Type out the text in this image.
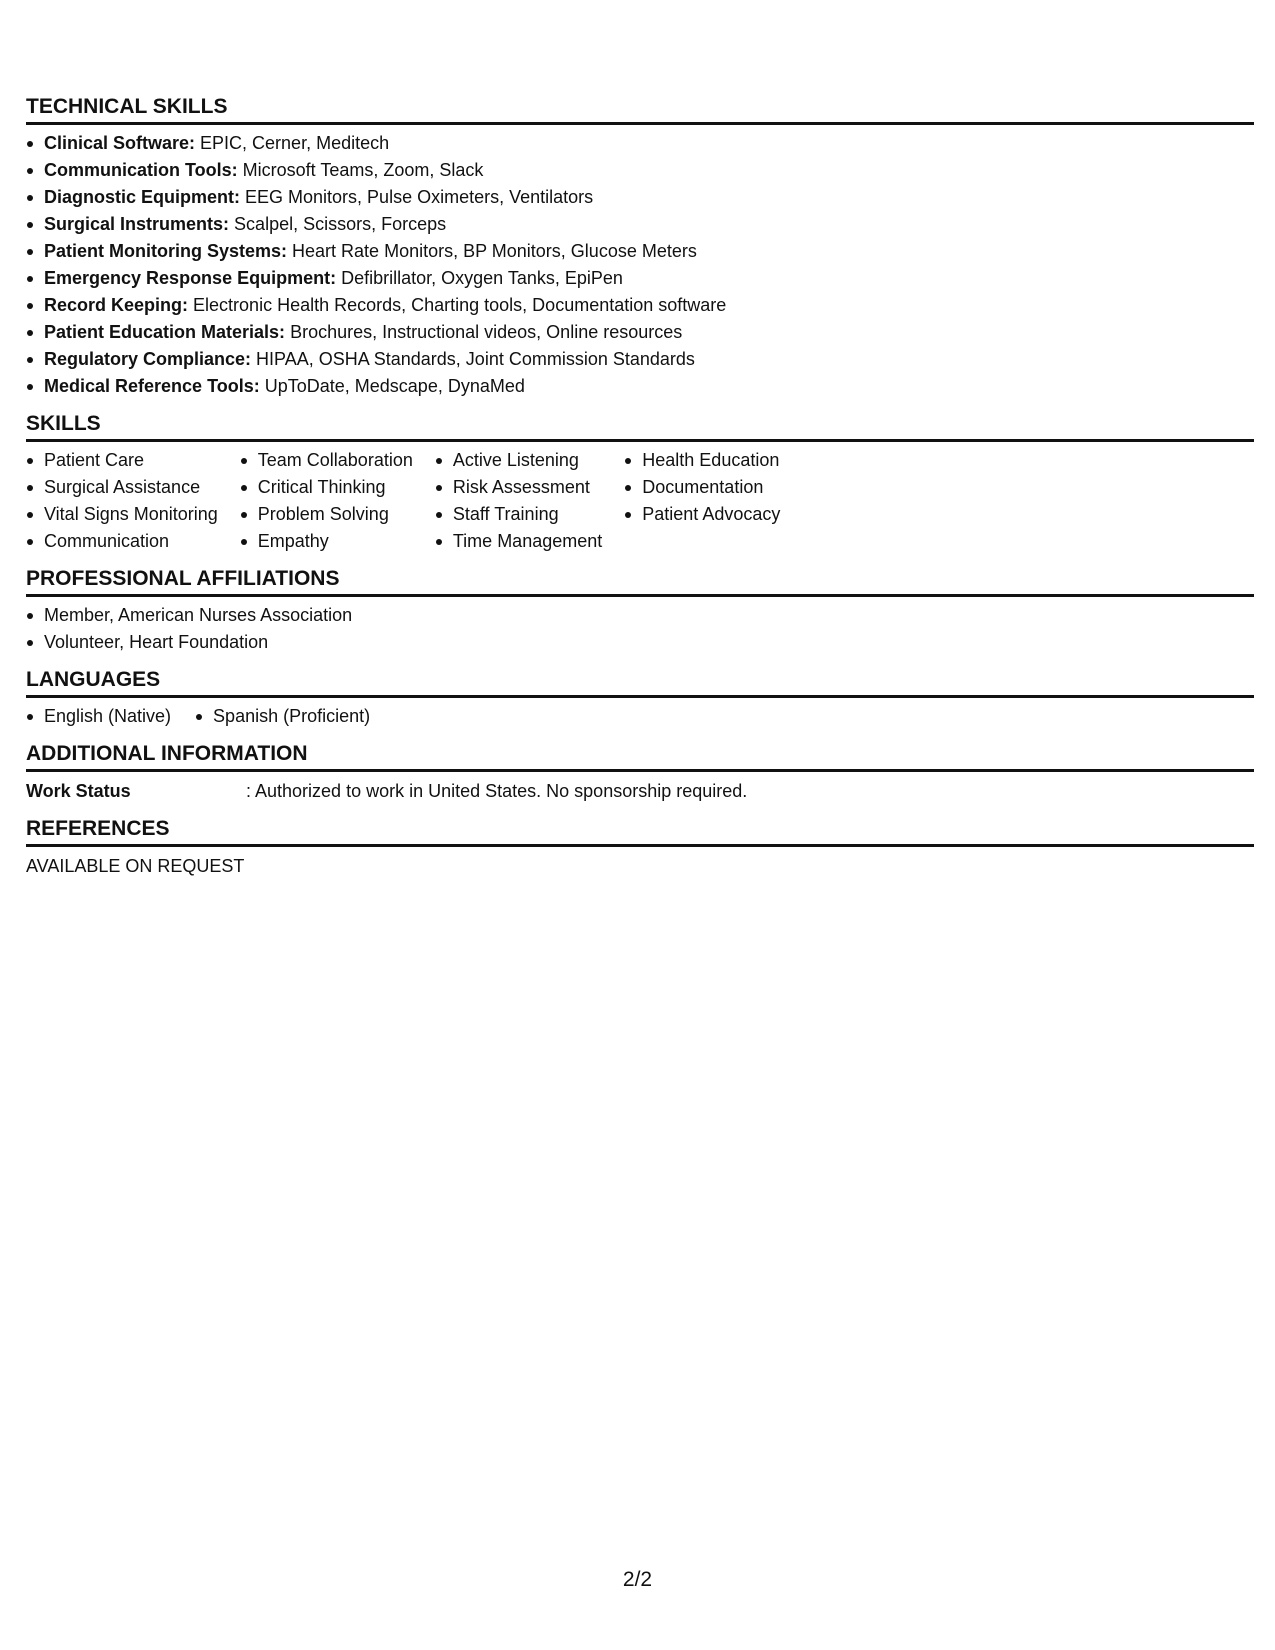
TECHNICAL SKILLS
Clinical Software: EPIC, Cerner, Meditech
Communication Tools: Microsoft Teams, Zoom, Slack
Diagnostic Equipment: EEG Monitors, Pulse Oximeters, Ventilators
Surgical Instruments: Scalpel, Scissors, Forceps
Patient Monitoring Systems: Heart Rate Monitors, BP Monitors, Glucose Meters
Emergency Response Equipment: Defibrillator, Oxygen Tanks, EpiPen
Record Keeping: Electronic Health Records, Charting tools, Documentation software
Patient Education Materials: Brochures, Instructional videos, Online resources
Regulatory Compliance: HIPAA, OSHA Standards, Joint Commission Standards
Medical Reference Tools: UpToDate, Medscape, DynaMed
SKILLS
Patient Care
Surgical Assistance
Vital Signs Monitoring
Communication
Team Collaboration
Critical Thinking
Problem Solving
Empathy
Active Listening
Risk Assessment
Staff Training
Time Management
Health Education
Documentation
Patient Advocacy
PROFESSIONAL AFFILIATIONS
Member, American Nurses Association
Volunteer, Heart Foundation
LANGUAGES
English (Native)	Spanish (Proficient)
ADDITIONAL INFORMATION
Work Status	: Authorized to work in United States. No sponsorship required.
REFERENCES
AVAILABLE ON REQUEST
2/2
